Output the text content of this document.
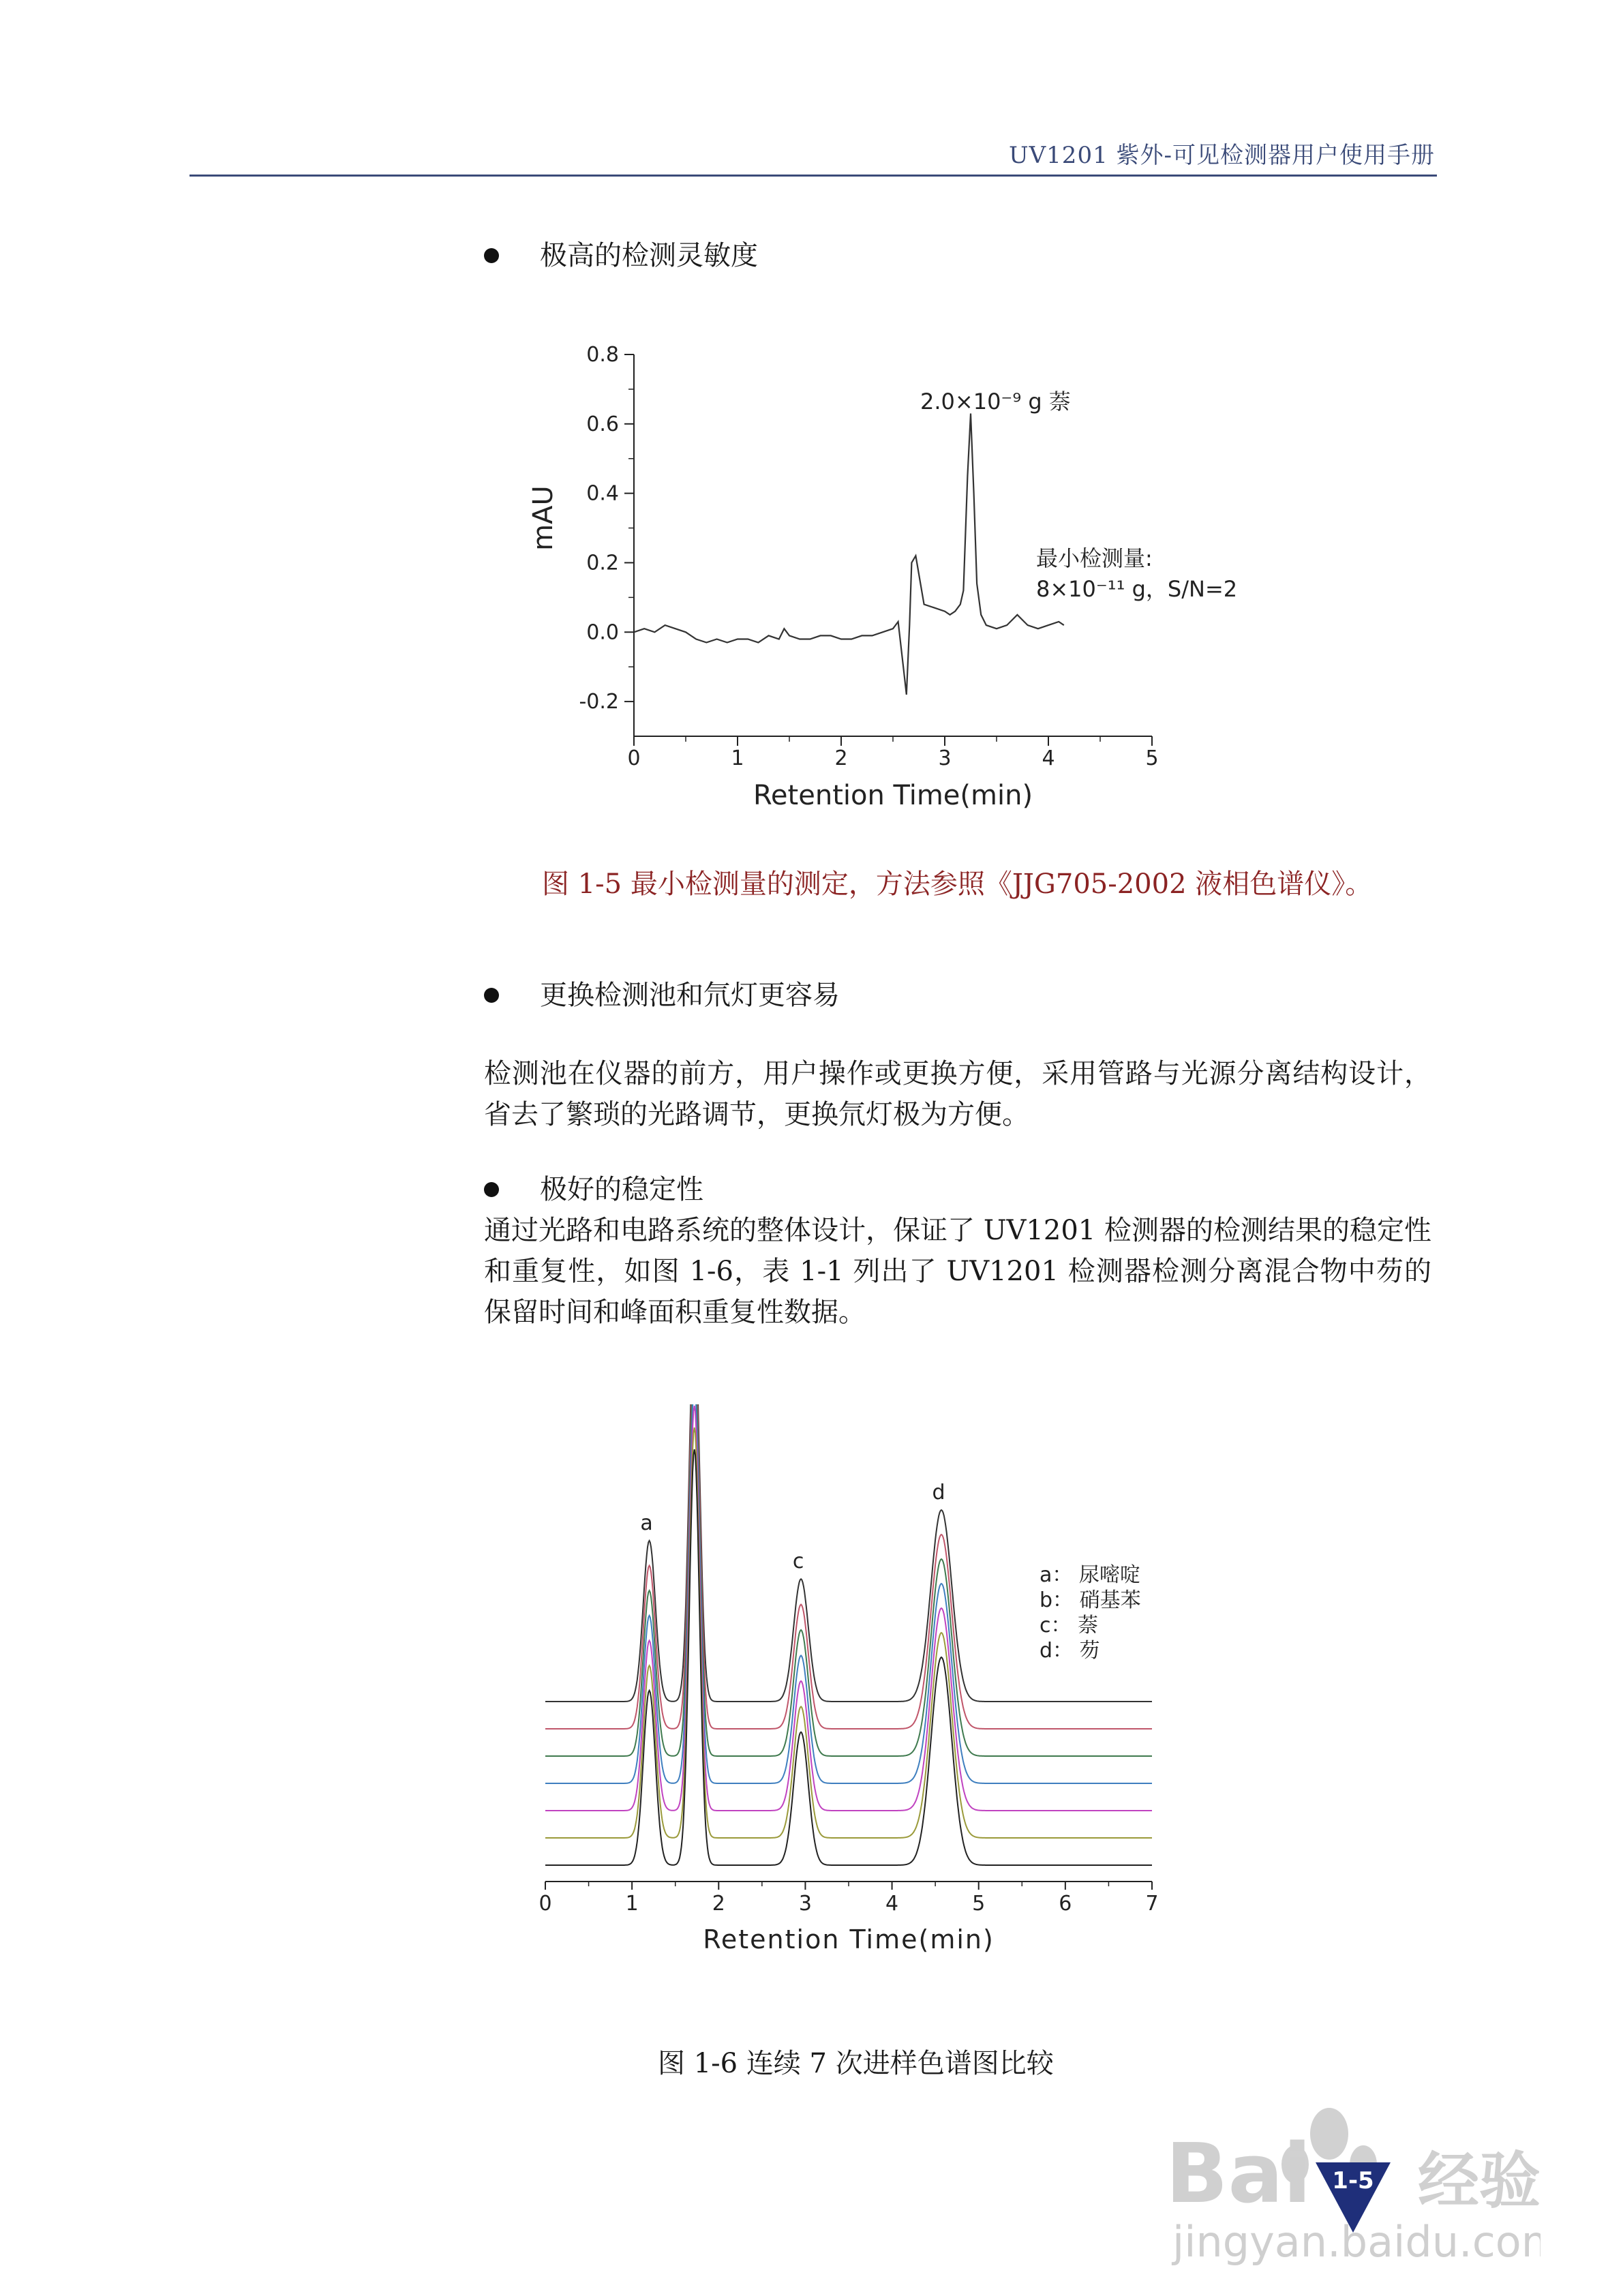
UV1201 紫外-可见检测器用户使用手册
极高的检测灵敏度
0	1	2	3	4	5
-0.2
0.0
0.2
0.4
0.6
0.8
Retention Time(min)
mAU
2.0×10⁻⁹ g 萘
最小检测量:
8×10⁻¹¹ g，S/N=2
图 1-5 最小检测量的测定，方法参照《JJG705-2002 液相色谱仪》。
更换检测池和氘灯更容易
检测池在仪器的前方，用户操作或更换方便，采用管路与光源分离结构设计，省去了繁琐的光路调节，更换氘灯极为方便。
极好的稳定性
通过光路和电路系统的整体设计，保证了 UV1201 检测器的检测结果的稳定性和重复性，如图 1-6，表 1-1 列出了 UV1201 检测器检测分离混合物中芴的保留时间和峰面积重复性数据。
0	1	2	3	4	5	6	7
Retention Time(min)
a
c
d
a： 尿嘧啶
b： 硝基苯
c： 萘
d： 芴
图 1-6 连续 7 次进样色谱图比较
Bai 经验
1-5
jingyan.baidu.com
